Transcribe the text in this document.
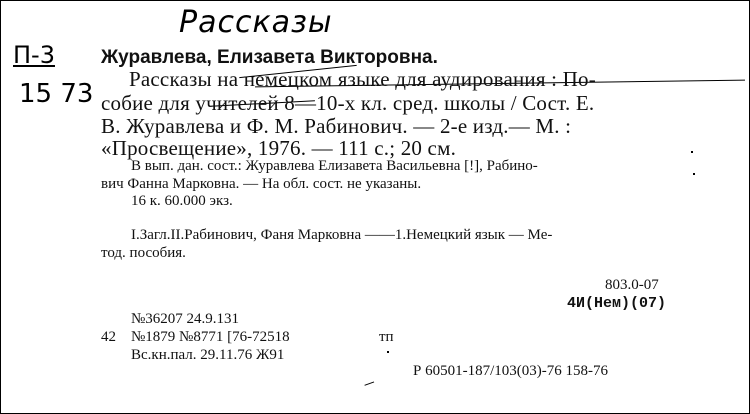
Рассказы
П-3
15 73
Журавлева, Елизавета Викторовна.
Рассказы на немецком языке для аудирования : По-
собие для учителей 8—10-х кл. сред. школы / Сост. Е.
В. Журавлева и Ф. М. Рабинович. — 2-е изд.— М. :
«Просвещение», 1976. — 111 с.; 20 см.
В вып. дан. сост.: Журавлева Елизавета Васильевна [!], Рабино-
вич Фанна Марковна. — На обл. сост. не указаны.
16 к. 60.000 экз.
I.Загл.II.Рабинович, Фаня Марковна ——1.Немецкий язык — Ме-
тод. пособия.
803.0-07
4И(Нем)(07)
№36207 24.9.131
42 №1879 №8771 [76-72518	тп
Вс.кн.пал. 29.11.76 Ж91
Р 60501-187/103(03)-76 158-76
